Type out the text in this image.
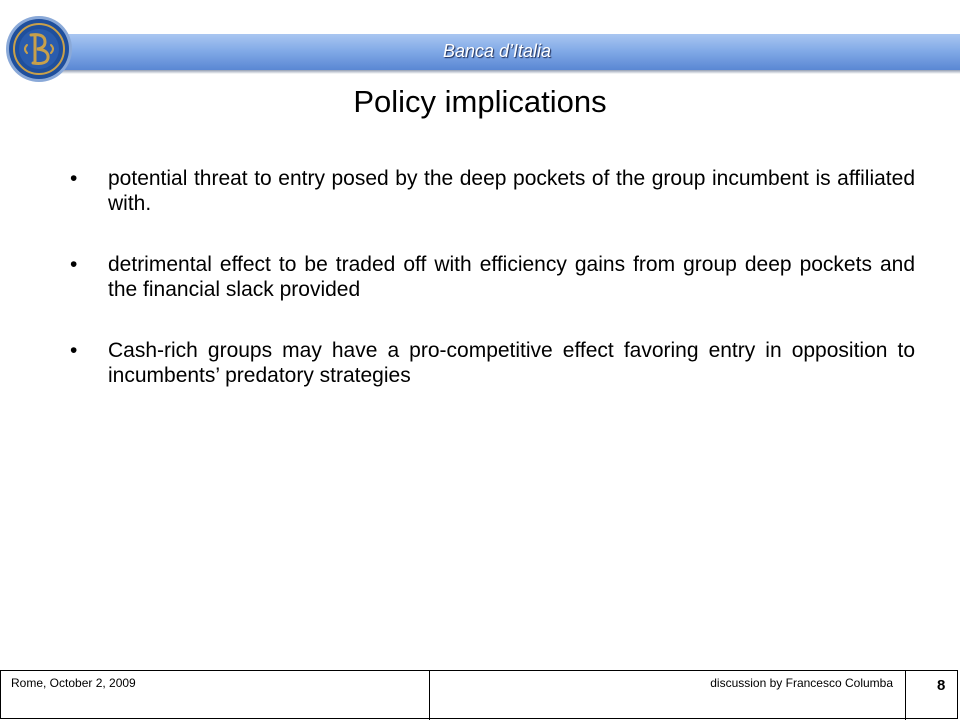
Banca d’Italia
Policy implications
• potential threat to entry posed by the deep pockets of the group incumbent is affiliated with.
• detrimental effect to be traded off with efficiency gains from group deep pockets and the financial slack provided
• Cash-rich groups may have a pro-competitive effect favoring entry in opposition to incumbents’ predatory strategies
Rome, October 2, 2009	discussion by Francesco Columba	8
